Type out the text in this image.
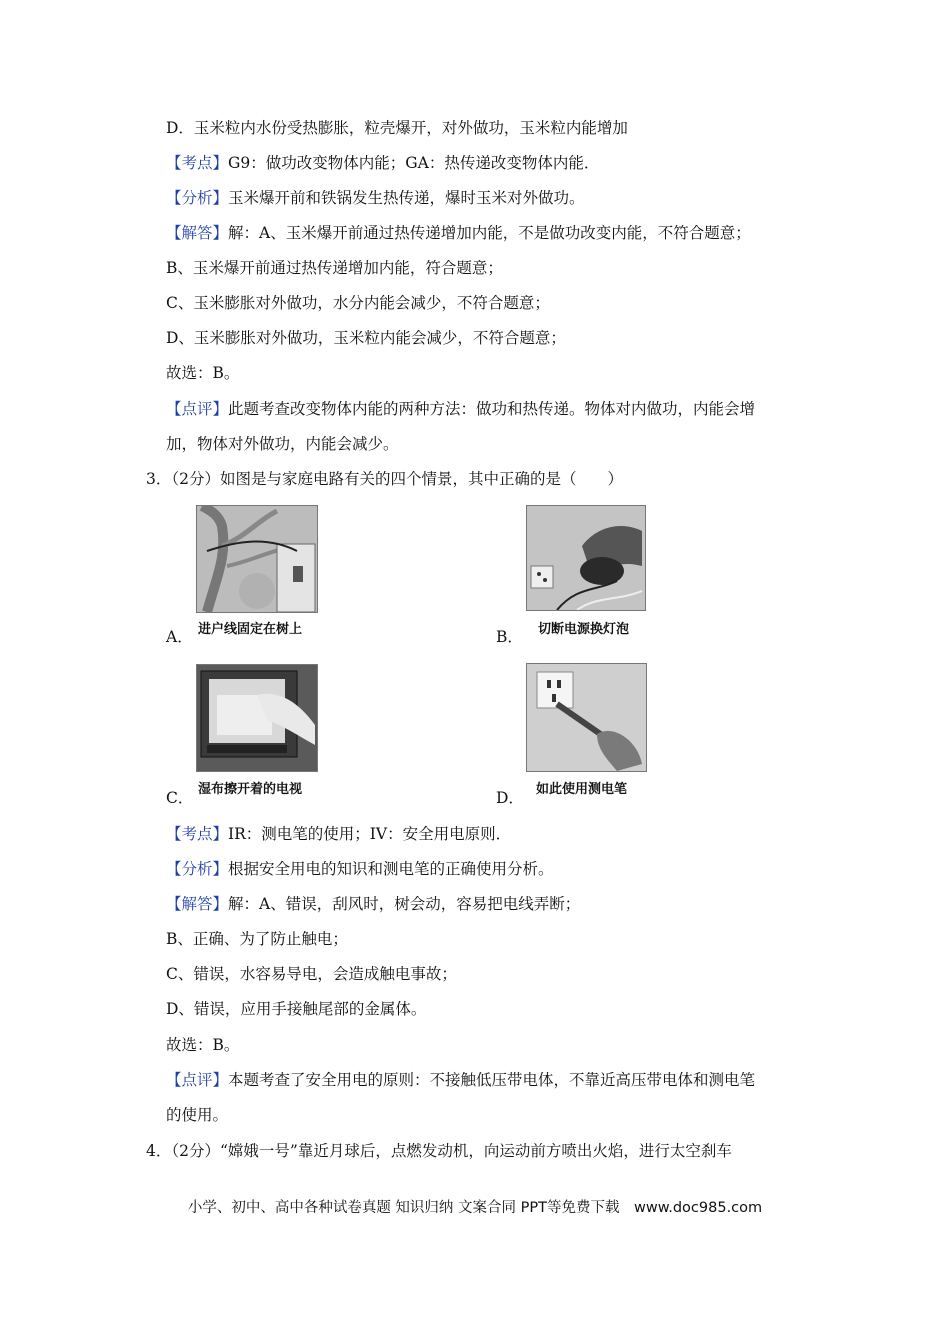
D．玉米粒内水份受热膨胀，粒壳爆开，对外做功，玉米粒内能增加
【考点】G9：做功改变物体内能；GA：热传递改变物体内能．
【分析】玉米爆开前和铁锅发生热传递，爆时玉米对外做功。
【解答】解：A、玉米爆开前通过热传递增加内能，不是做功改变内能，不符合题意；
B、玉米爆开前通过热传递增加内能，符合题意；
C、玉米膨胀对外做功，水分内能会减少，不符合题意；
D、玉米膨胀对外做功，玉米粒内能会减少，不符合题意；
故选：B。
【点评】此题考查改变物体内能的两种方法：做功和热传递。物体对内做功，内能会增
加，物体对外做功，内能会减少。
3．（2分）如图是与家庭电路有关的四个情景，其中正确的是（　　）
进户线固定在树上
A．	切断电源换灯泡
B．
湿布擦开着的电视
C．	如此使用测电笔
D．
【考点】IR：测电笔的使用；IV：安全用电原则．
【分析】根据安全用电的知识和测电笔的正确使用分析。
【解答】解：A、错误，刮风时，树会动，容易把电线弄断；
B、正确、为了防止触电；
C、错误，水容易导电，会造成触电事故；
D、错误，应用手接触尾部的金属体。
故选：B。
【点评】本题考查了安全用电的原则：不接触低压带电体，不靠近高压带电体和测电笔
的使用。
4．（2分）“嫦娥一号”靠近月球后，点燃发动机，向运动前方喷出火焰，进行太空刹车
小学、初中、高中各种试卷真题 知识归纳 文案合同 PPT等免费下载　www.doc985.com
